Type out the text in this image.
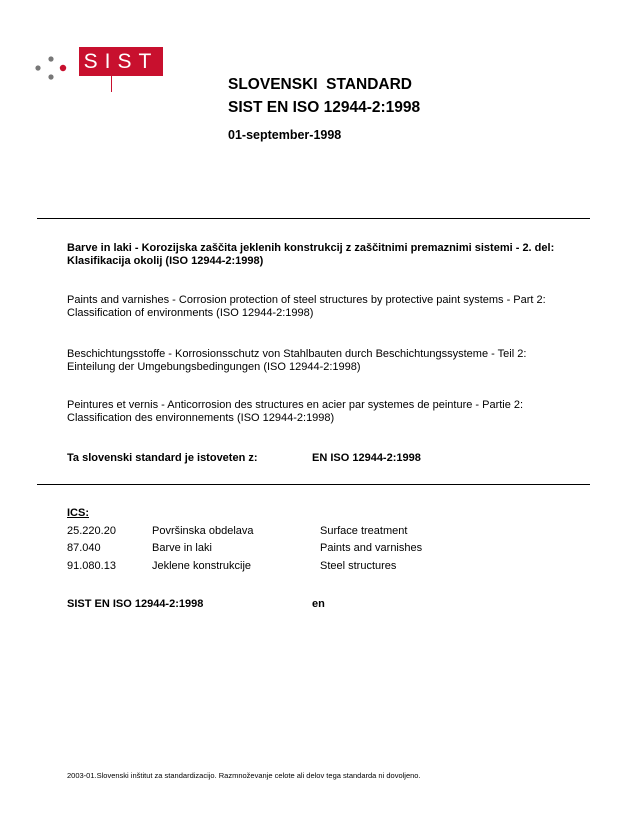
SIST
SLOVENSKI  STANDARD
SIST EN ISO 12944-2:1998
01-september-1998
Barve in laki - Korozijska zaščita jeklenih konstrukcij z zaščitnimi premaznimi sistemi - 2. del: Klasifikacija okolij (ISO 12944-2:1998)
Paints and varnishes - Corrosion protection of steel structures by protective paint systems - Part 2: Classification of environments (ISO 12944-2:1998)
Beschichtungsstoffe - Korrosionsschutz von Stahlbauten durch Beschichtungssysteme - Teil 2: Einteilung der Umgebungsbedingungen (ISO 12944-2:1998)
Peintures et vernis - Anticorrosion des structures en acier par systemes de peinture - Partie 2: Classification des environnements (ISO 12944-2:1998)
Ta slovenski standard je istoveten z:	EN ISO 12944-2:1998
ICS:
25.220.20	Površinska obdelava	Surface treatment
87.040	Barve in laki	Paints and varnishes
91.080.13	Jeklene konstrukcije	Steel structures
SIST EN ISO 12944-2:1998	en
2003-01.Slovenski inštitut za standardizacijo. Razmnoževanje celote ali delov tega standarda ni dovoljeno.
